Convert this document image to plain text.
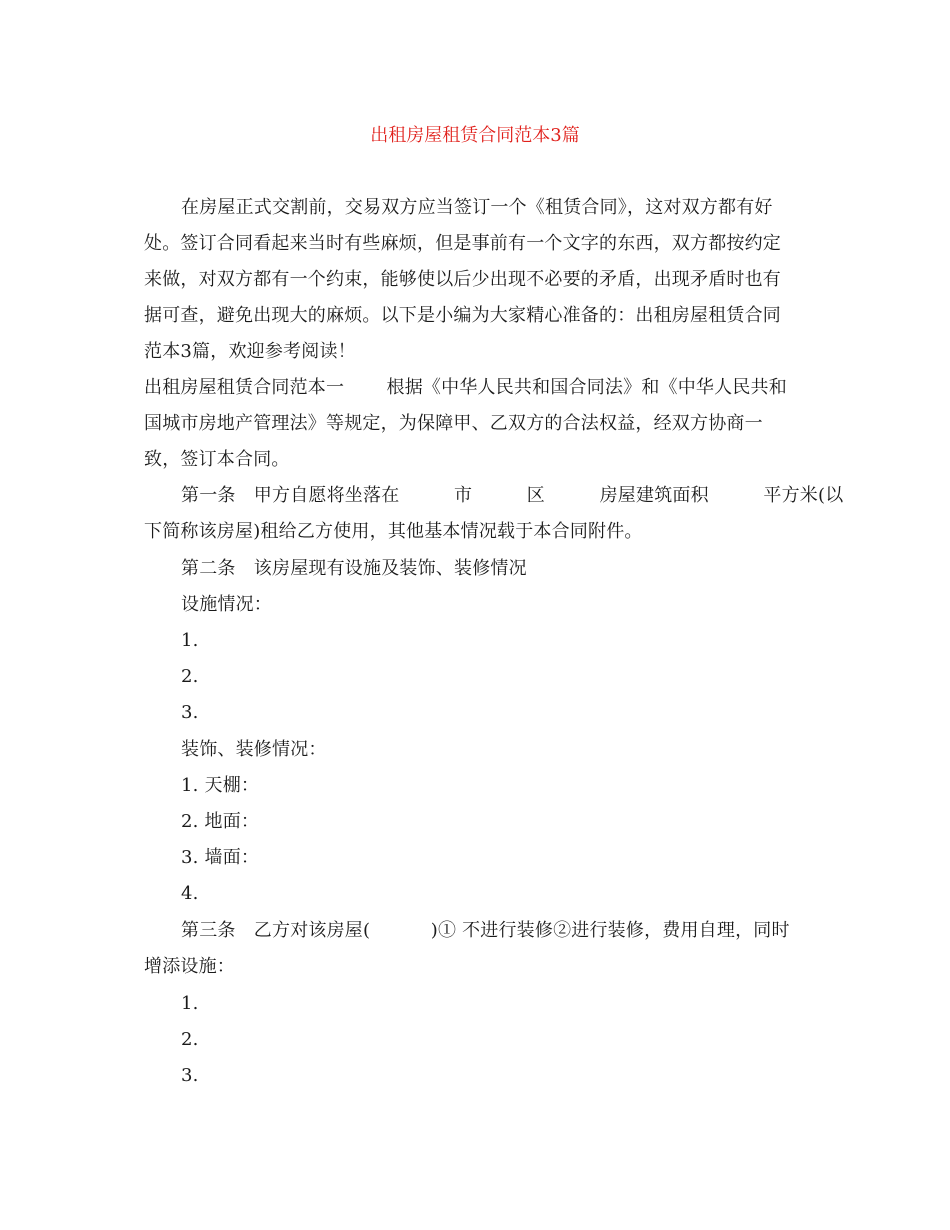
出租房屋租赁合同范本3篇
在房屋正式交割前，交易双方应当签订一个《租赁合同》，这对双方都有好
处。签订合同看起来当时有些麻烦，但是事前有一个文字的东西，双方都按约定
来做，对双方都有一个约束，能够使以后少出现不必要的矛盾，出现矛盾时也有
据可查，避免出现大的麻烦。以下是小编为大家精心准备的：出租房屋租赁合同
范本3篇，欢迎参考阅读！
出租房屋租赁合同范本一　　 根据《中华人民共和国合同法》和《中华人民共和
国城市房地产管理法》等规定，为保障甲、乙双方的合法权益，经双方协商一
致，签订本合同。
第一条　甲方自愿将坐落在　　　市　　　区　　　房屋建筑面积　　　平方米(以
下简称该房屋)租给乙方使用，其他基本情况载于本合同附件。
第二条　该房屋现有设施及装饰、装修情况
设施情况：
1.
2.
3.
装饰、装修情况：
1. 天棚：
2. 地面：
3. 墙面：
4.
第三条　乙方对该房屋(　　　 )① 不进行装修②进行装修，费用自理，同时
增添设施：
1.
2.
3.
